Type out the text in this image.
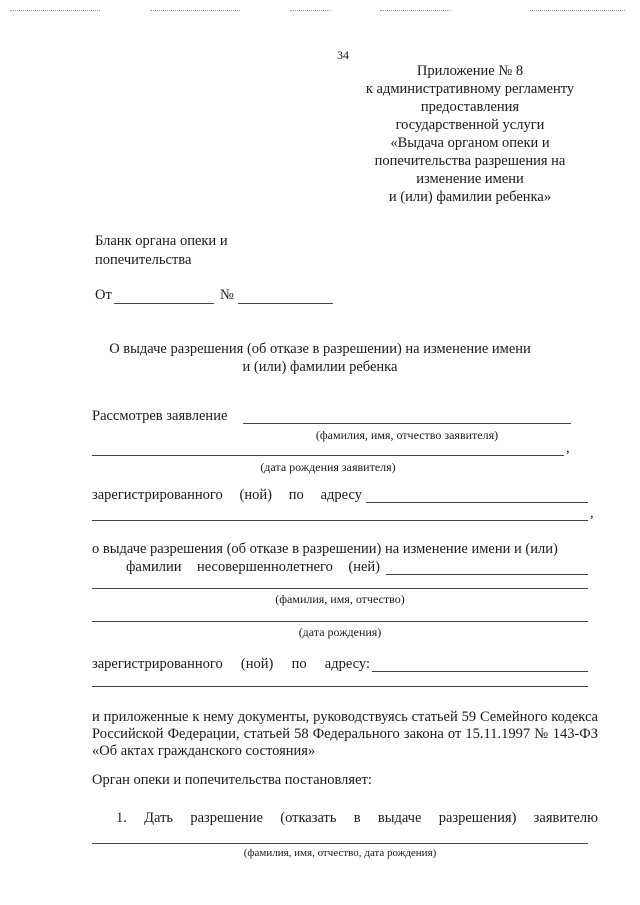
34
Приложение № 8
к административному регламенту
предоставления
государственной услуги
«Выдача органом опеки и
попечительства разрешения на
изменение имени
и (или) фамилии ребенка»
Бланк органа опеки и
попечительства
От	№
О выдаче разрешения (об отказе в разрешении) на изменение имени
и (или) фамилии ребенка
Рассмотрев заявление
(фамилия, имя, отчество заявителя)
,
(дата рождения заявителя)
зарегистрированного (ной) по адресу
,
о выдаче разрешения (об отказе в разрешении) на изменение имени и (или)
фамилии несовершеннолетнего (ней)
(фамилия, имя, отчество)
(дата рождения)
зарегистрированного (ной) по адресу:
и приложенные к нему документы, руководствуясь статьей 59 Семейного кодекса Российской Федерации, статьей 58 Федерального закона от 15.11.1997 № 143-ФЗ «Об актах гражданского состояния»
Орган опеки и попечительства постановляет:
1. Дать разрешение (отказать в выдаче разрешения) заявителю
(фамилия, имя, отчество, дата рождения)
